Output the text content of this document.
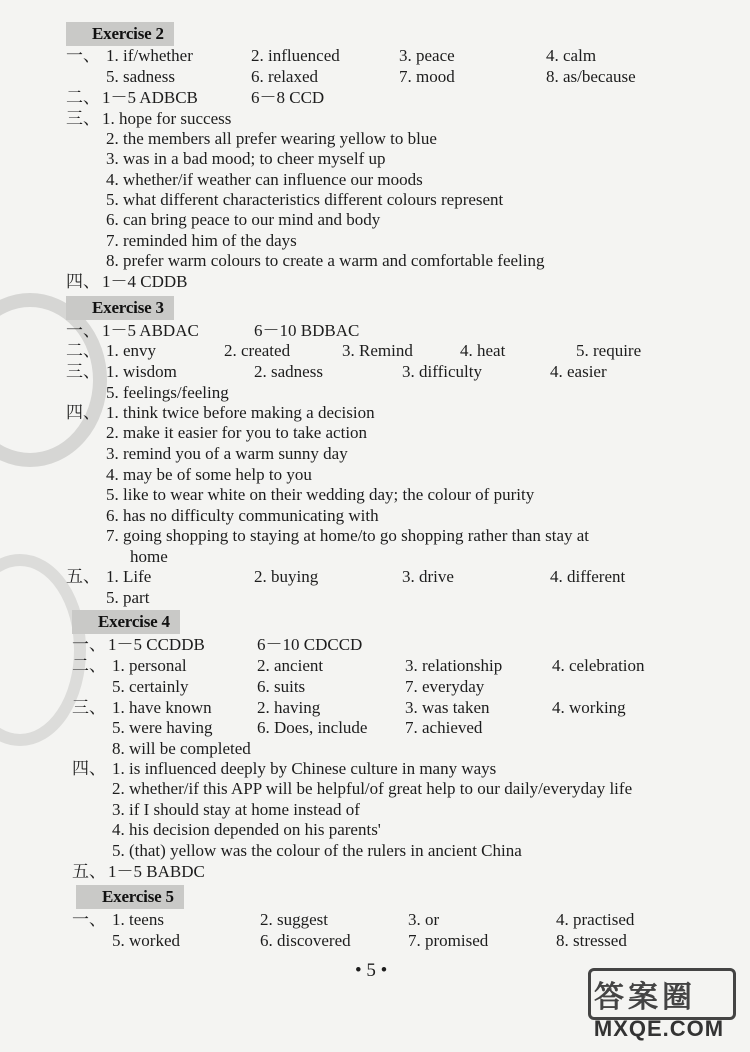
Exercise 2
一、 1. if/whether	2. influenced	3. peace	4. calm
5. sadness	6. relaxed	7. mood	8. as/because
二、 1－5 ADBCB	6－8 CCD
三、 1. hope for success
2. the members all prefer wearing yellow to blue
3. was in a bad mood; to cheer myself up
4. whether/if weather can influence our moods
5. what different characteristics different colours represent
6. can bring peace to our mind and body
7. reminded him of the days
8. prefer warm colours to create a warm and comfortable feeling
四、 1－4 CDDB
Exercise 3
一、 1－5 ABDAC	6－10 BDBAC
二、 1. envy	2. created	3. Remind	4. heat	5. require
三、 1. wisdom	2. sadness	3. difficulty	4. easier
5. feelings/feeling
四、 1. think twice before making a decision
2. make it easier for you to take action
3. remind you of a warm sunny day
4. may be of some help to you
5. like to wear white on their wedding day; the colour of purity
6. has no difficulty communicating with
7. going shopping to staying at home/to go shopping rather than stay at
home
五、 1. Life	2. buying	3. drive	4. different
5. part
Exercise 4
一、 1－5 CCDDB	6－10 CDCCD
二、 1. personal	2. ancient	3. relationship	4. celebration
5. certainly	6. suits	7. everyday
三、 1. have known	2. having	3. was taken	4. working
5. were having	6. Does, include 7. achieved
8. will be completed
四、 1. is influenced deeply by Chinese culture in many ways
2. whether/if this APP will be helpful/of great help to our daily/everyday life
3. if I should stay at home instead of
4. his decision depended on his parents'
5. (that) yellow was the colour of the rulers in ancient China
五、 1－5 BABDC
Exercise 5
一、 1. teens	2. suggest	3. or	4. practised
5. worked	6. discovered	7. promised	8. stressed
• 5 •
答案圈
MXQE.COM
